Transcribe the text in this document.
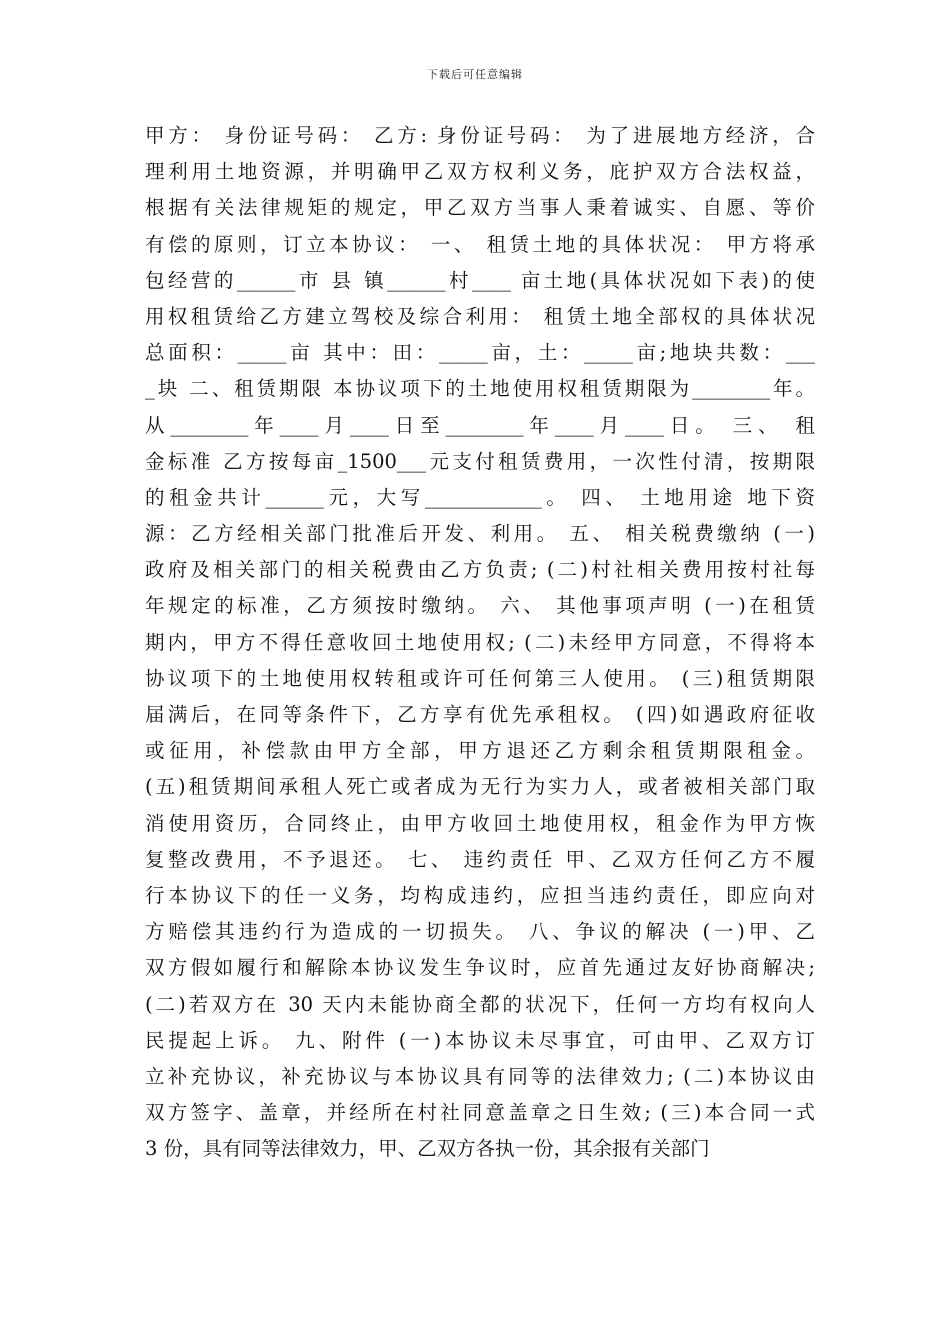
下载后可任意编辑
甲方： 身份证号码： 乙方: 身份证号码： 为了进展地方经济，合
理利用土地资源，并明确甲乙双方权利义务，庇护双方合法权益，
根据有关法律规矩的规定，甲乙双方当事人秉着诚实、自愿、等价
有偿的原则，订立本协议： 一、 租赁土地的具体状况： 甲方将承
包经营的______市 县 镇______村____ 亩土地(具体状况如下表)的使
用权租赁给乙方建立驾校及综合利用： 租赁土地全部权的具体状况
总面积：_____亩 其中：田：_____亩，土：_____亩;地块共数：___
_块 二、租赁期限 本协议项下的土地使用权租赁期限为________年。
从________年____月____日至________年____月____日。 三、 租
金标准 乙方按每亩_1500___元支付租赁费用，一次性付清，按期限
的租金共计______元，大写____________。 四、 土地用途 地下资
源：乙方经相关部门批准后开发、利用。 五、 相关税费缴纳 (一)
政府及相关部门的相关税费由乙方负责; (二)村社相关费用按村社每
年规定的标准，乙方须按时缴纳。 六、 其他事项声明 (一)在租赁
期内，甲方不得任意收回土地使用权; (二)未经甲方同意，不得将本
协议项下的土地使用权转租或许可任何第三人使用。 (三)租赁期限
届满后，在同等条件下，乙方享有优先承租权。 (四)如遇政府征收
或征用，补偿款由甲方全部，甲方退还乙方剩余租赁期限租金。
(五)租赁期间承租人死亡或者成为无行为实力人，或者被相关部门取
消使用资历，合同终止，由甲方收回土地使用权，租金作为甲方恢
复整改费用，不予退还。 七、 违约责任 甲、乙双方任何乙方不履
行本协议下的任一义务，均构成违约，应担当违约责任，即应向对
方赔偿其违约行为造成的一切损失。 八、争议的解决 (一)甲、乙
双方假如履行和解除本协议发生争议时，应首先通过友好协商解决;
(二)若双方在 30 天内未能协商全都的状况下，任何一方均有权向人
民提起上诉。 九、附件 (一)本协议未尽事宜，可由甲、乙双方订
立补充协议，补充协议与本协议具有同等的法律效力; (二)本协议由
双方签字、盖章，并经所在村社同意盖章之日生效; (三)本合同一式
3 份，具有同等法律效力，甲、乙双方各执一份，其余报有关部门
